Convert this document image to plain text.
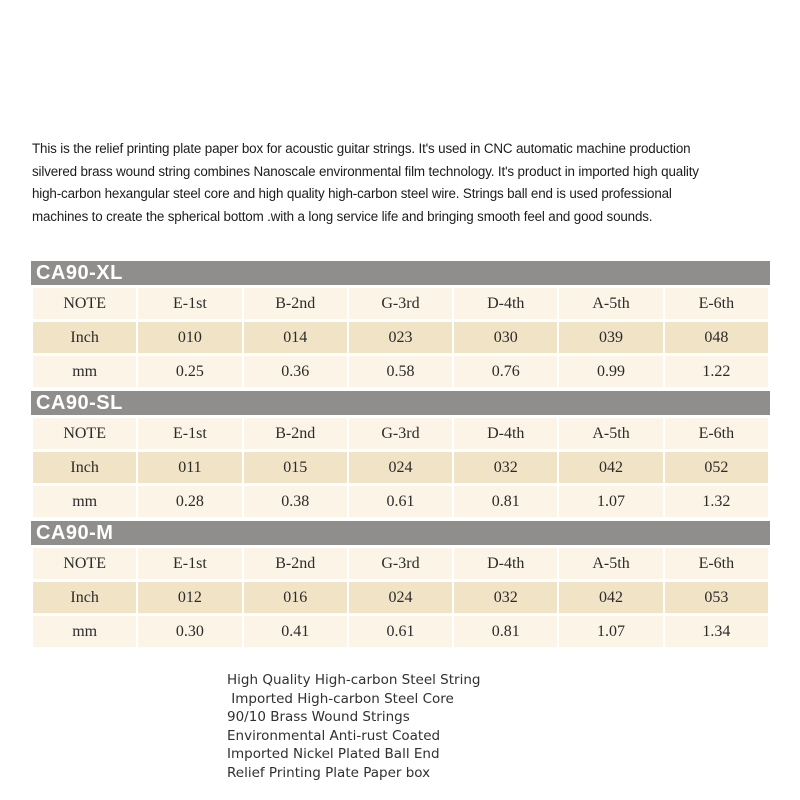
This is the relief printing plate paper box for acoustic guitar strings. It's used in CNC automatic machine production

silvered brass wound string combines Nanoscale environmental film technology. It's product in imported high quality

high-carbon hexangular steel core and high quality high-carbon steel wire. Strings ball end is used professional

machines to create the spherical bottom .with a long service life and bringing smooth feel and good sounds.

CA90-XL
NOTE	E-1st	B-2nd	G-3rd	D-4th	A-5th	E-6th
Inch	010	014	023	030	039	048
mm	0.25	0.36	0.58	0.76	0.99	1.22
CA90-SL
NOTE	E-1st	B-2nd	G-3rd	D-4th	A-5th	E-6th
Inch	011	015	024	032	042	052
mm	0.28	0.38	0.61	0.81	1.07	1.32
CA90-M
NOTE	E-1st	B-2nd	G-3rd	D-4th	A-5th	E-6th
Inch	012	016	024	032	042	053
mm	0.30	0.41	0.61	0.81	1.07	1.34
High Quality High-carbon Steel String
Imported High-carbon Steel Core
90/10 Brass Wound Strings
Environmental Anti-rust Coated
Imported Nickel Plated Ball End
Relief Printing Plate Paper box
